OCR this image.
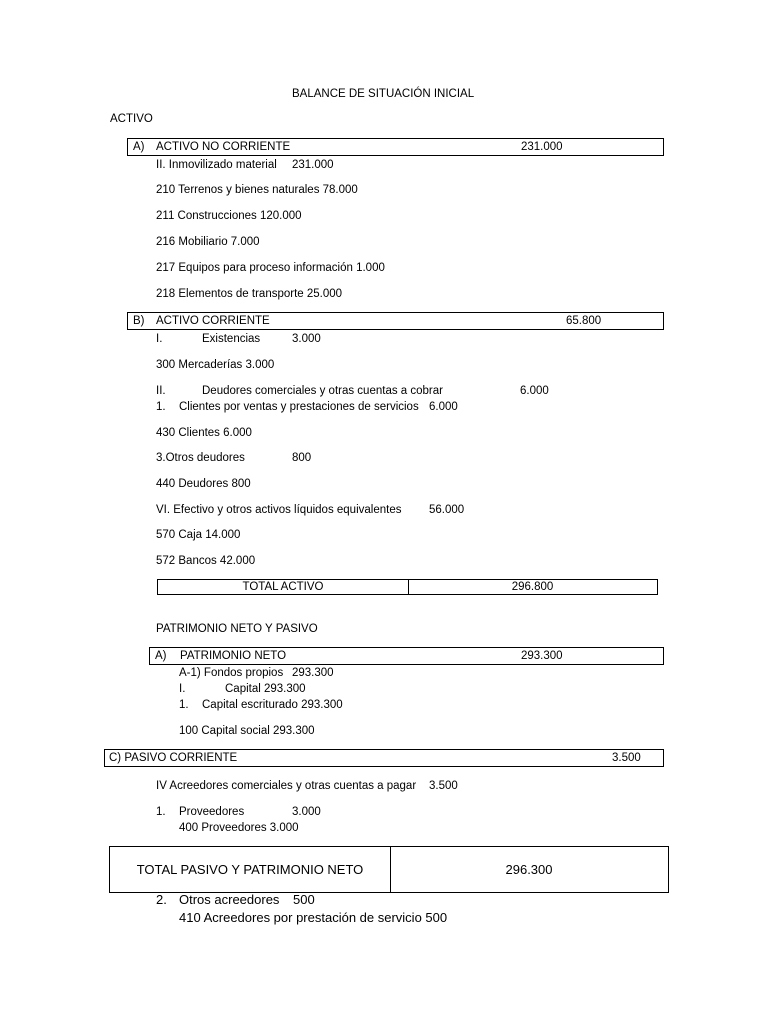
BALANCE DE SITUACIÓN INICIAL
ACTIVO
A) ACTIVO NO CORRIENTE	231.000
II. Inmovilizado material 231.000
210 Terrenos y bienes naturales 78.000
211 Construcciones 120.000
216 Mobiliario 7.000
217 Equipos para proceso información 1.000
218 Elementos de transporte 25.000
B) ACTIVO CORRIENTE	65.800
I.	Existencias	3.000
300 Mercaderías 3.000
II.	Deudores comerciales y otras cuentas a cobrar	6.000
1. Clientes por ventas y prestaciones de servicios 6.000
430 Clientes 6.000
3.Otros deudores	800
440 Deudores 800
VI. Efectivo y otros activos líquidos equivalentes 56.000
570 Caja 14.000
572 Bancos 42.000
TOTAL ACTIVO	296.800
PATRIMONIO NETO Y PASIVO
A) PATRIMONIO NETO	293.300
A-1) Fondos propios 293.300
I.	Capital 293.300
1. Capital escriturado 293.300
100 Capital social 293.300
C) PASIVO CORRIENTE	3.500
IV Acreedores comerciales y otras cuentas a pagar 3.500
1. Proveedores	3.000
400 Proveedores 3.000
TOTAL PASIVO Y PATRIMONIO NETO	296.300
2. Otros acreedores 500
410 Acreedores por prestación de servicio 500
